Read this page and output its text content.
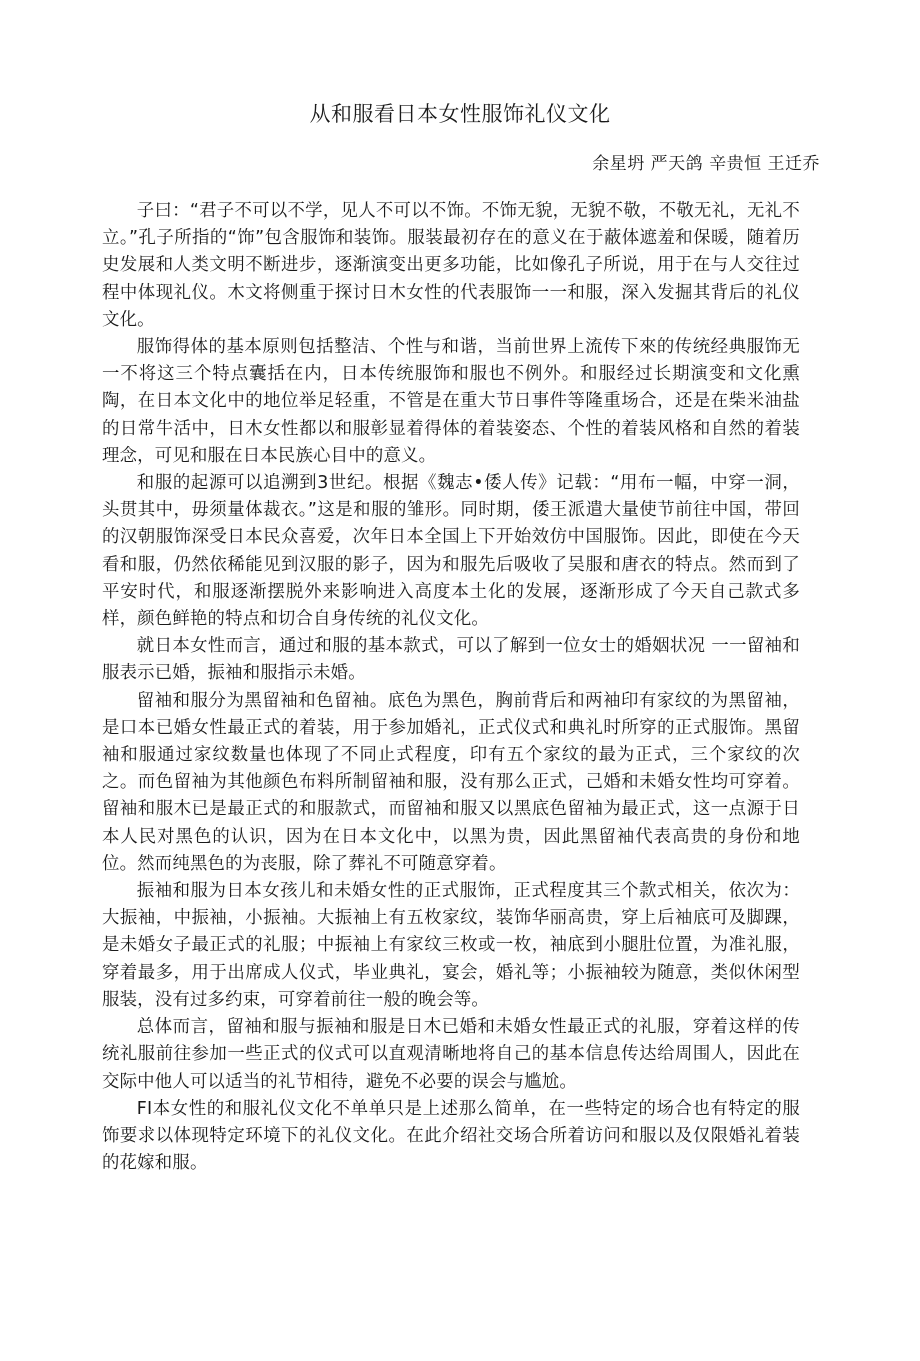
从和服看日本女性服饰礼仪文化

余星坍 严天鸽 辛贵恒 王迁乔

子曰：“君子不可以不学，见人不可以不饰。不饰无貌，无貌不敬，不敬无礼，无礼不立。”孔子所指的“饰”包含服饰和装饰。服装最初存在的意义在于蔽体遮羞和保暖，随着历史发展和人类文明不断进步，逐渐演变出更多功能，比如像孔子所说，用于在与人交往过程中体现礼仪。木文将侧重于探讨日木女性的代表服饰一一和服，深入发掘其背后的礼仪文化。

服饰得体的基本原则包括整洁、个性与和谐，当前世界上流传下來的传统经典服饰无一不将这三个特点囊括在内，日本传统服饰和服也不例外。和服经过长期演变和文化熏陶，在日本文化中的地位举足轻重，不管是在重大节日事件等隆重场合，还是在柴米油盐的日常牛活中，日木女性都以和服彰显着得体的着装姿态、个性的着装风格和自然的着装理念，可见和服在日本民族心目中的意义。

和服的起源可以追溯到3世纪。根据《魏志•倭人传》记载：“用布一幅，中穿一洞，头贯其中，毋须量体裁衣。”这是和服的雏形。同时期，倭王派遣大量使节前往中国，带回的汉朝服饰深受日本民众喜爱，次年日本全国上下开始效仿中国服饰。因此，即使在今天看和服，仍然依稀能见到汉服的影子，因为和服先后吸收了吴服和唐衣的特点。然而到了平安时代，和服逐渐摆脱外来影响进入高度本土化的发展，逐渐形成了今天自己款式多样，颜色鲜艳的特点和切合自身传统的礼仪文化。

就日本女性而言，通过和服的基本款式，可以了解到一位女士的婚姻状况 一一留袖和服表示已婚，振袖和服指示未婚。

留袖和服分为黑留袖和色留袖。底色为黑色，胸前背后和两袖印有家纹的为黑留袖，是口本已婚女性最正式的着装，用于参加婚礼，正式仪式和典礼时所穿的正式服饰。黑留袖和服通过家纹数量也体现了不同止式程度，印有五个家纹的最为正式，三个家纹的次之。而色留袖为其他颜色布料所制留袖和服，没有那么正式，己婚和未婚女性均可穿着。留袖和服木已是最正式的和服款式，而留袖和服又以黑底色留袖为最正式，这一点源于日本人民对黑色的认识，因为在日本文化中，以黑为贵，因此黑留袖代表高贵的身份和地位。然而纯黑色的为丧服，除了葬礼不可随意穿着。

振袖和服为日本女孩儿和未婚女性的正式服饰，正式程度其三个款式相关，依次为：大振袖，中振袖，小振袖。大振袖上有五枚家纹，装饰华丽高贵，穿上后袖底可及脚踝，是未婚女子最正式的礼服；中振袖上有家纹三枚或一枚，袖底到小腿肚位置，为准礼服，穿着最多，用于出席成人仪式，毕业典礼，宴会，婚礼等；小振袖较为随意，类似休闲型服装，没有过多约束，可穿着前往一般的晚会等。

总体而言，留袖和服与振袖和服是日木已婚和未婚女性最正式的礼服，穿着这样的传统礼服前往参加一些正式的仪式可以直观清晰地将自己的基本信息传达给周围人，因此在交际中他人可以适当的礼节相待，避免不必要的误会与尴尬。

FI本女性的和服礼仪文化不单单只是上述那么简单，在一些特定的场合也有特定的服饰要求以体现特定环境下的礼仪文化。在此介绍社交场合所着访问和服以及仅限婚礼着装的花嫁和服。
